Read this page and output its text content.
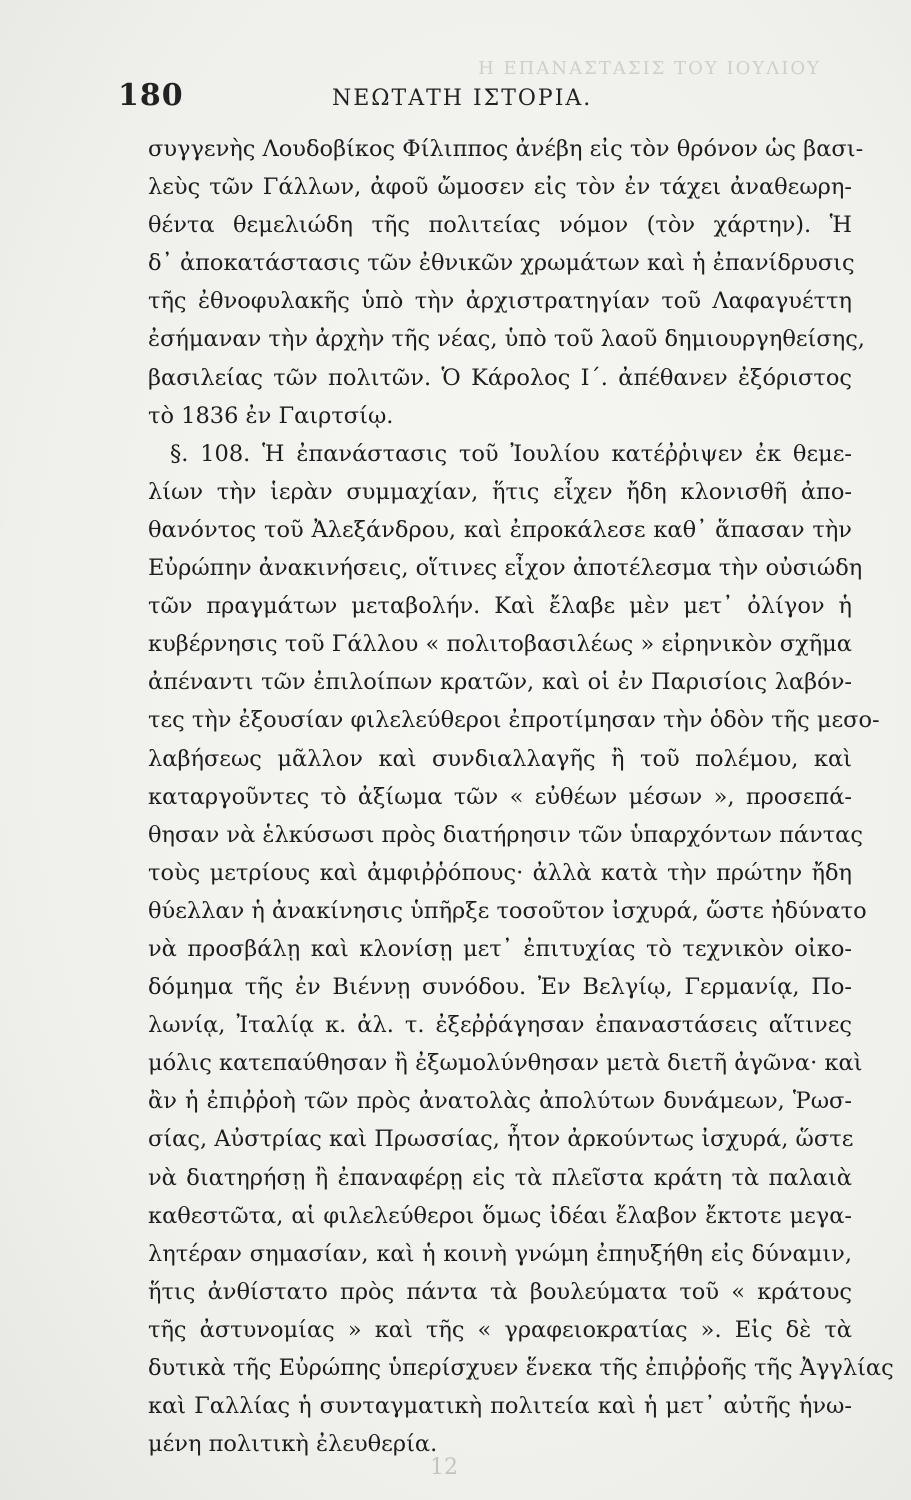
Η ΕΠΑΝΑΣΤΑΣΙΣ ΤΟΥ ΙΟΥΛΙΟΥ
180	ΝΕΩΤΑΤΗ ΙΣΤΟΡΙΑ.
συγγενὴς Λουδοβίκος Φίλιππος ἀνέβη εἰς τὸν θρόνον ὡς βασι-
λεὺς τῶν Γάλλων, ἀφοῦ ὤμοσεν εἰς τὸν ἐν τάχει ἀναθεωρη-
θέντα θεμελιώδη τῆς πολιτείας νόμον (τὸν χάρτην). Ἡ
δ᾽ ἀποκατάστασις τῶν ἐθνικῶν χρωμάτων καὶ ἡ ἐπανίδρυσις
τῆς ἐθνοφυλακῆς ὑπὸ τὴν ἀρχιστρατηγίαν τοῦ Λαφαγυέττη
ἐσήμαναν τὴν ἀρχὴν τῆς νέας, ὑπὸ τοῦ λαοῦ δημιουργηθείσης,
βασιλείας τῶν πολιτῶν. Ὁ Κάρολος Ι΄. ἀπέθανεν ἐξόριστος
τὸ 1836 ἐν Γαιρτσίῳ.
§. 108. Ἡ ἐπανάστασις τοῦ Ἰουλίου κατέῤῥιψεν ἐκ θεμε-
λίων τὴν ἱερὰν συμμαχίαν, ἥτις εἶχεν ἤδη κλονισθῆ ἀπο-
θανόντος τοῦ Ἀλεξάνδρου, καὶ ἐπροκάλεσε καθ᾽ ἅπασαν τὴν
Εὐρώπην ἀνακινήσεις, οἵτινες εἶχον ἀποτέλεσμα τὴν οὐσιώδη
τῶν πραγμάτων μεταβολήν. Καὶ ἔλαβε μὲν μετ᾽ ὀλίγον ἡ
κυβέρνησις τοῦ Γάλλου « πολιτοβασιλέως » εἰρηνικὸν σχῆμα
ἀπέναντι τῶν ἐπιλοίπων κρατῶν, καὶ οἱ ἐν Παρισίοις λαβόν-
τες τὴν ἐξουσίαν φιλελεύθεροι ἐπροτίμησαν τὴν ὁδὸν τῆς μεσο-
λαβήσεως μᾶλλον καὶ συνδιαλλαγῆς ἢ τοῦ πολέμου, καὶ
καταργοῦντες τὸ ἀξίωμα τῶν « εὐθέων μέσων », προσεπά-
θησαν νὰ ἑλκύσωσι πρὸς διατήρησιν τῶν ὑπαρχόντων πάντας
τοὺς μετρίους καὶ ἀμφιῤῥόπους· ἀλλὰ κατὰ τὴν πρώτην ἤδη
θύελλαν ἡ ἀνακίνησις ὑπῆρξε τοσοῦτον ἰσχυρά, ὥστε ἠδύνατο
νὰ προσβάλῃ καὶ κλονίσῃ μετ᾽ ἐπιτυχίας τὸ τεχνικὸν οἰκο-
δόμημα τῆς ἐν Βιέννῃ συνόδου. Ἐν Βελγίῳ, Γερμανίᾳ, Πο-
λωνίᾳ, Ἰταλίᾳ κ. ἀλ. τ. ἐξεῤῥάγησαν ἐπαναστάσεις αἵτινες
μόλις κατεπαύθησαν ἢ ἐξωμολύνθησαν μετὰ διετῆ ἀγῶνα· καὶ
ἂν ἡ ἐπιῤῥοὴ τῶν πρὸς ἀνατολὰς ἀπολύτων δυνάμεων, Ῥωσ-
σίας, Αὐστρίας καὶ Πρωσσίας, ἦτον ἀρκούντως ἰσχυρά, ὥστε
νὰ διατηρήσῃ ἢ ἐπαναφέρῃ εἰς τὰ πλεῖστα κράτη τὰ παλαιὰ
καθεστῶτα, αἱ φιλελεύθεροι ὅμως ἰδέαι ἔλαβον ἔκτοτε μεγα-
λητέραν σημασίαν, καὶ ἡ κοινὴ γνώμη ἐπηυξήθη εἰς δύναμιν,
ἥτις ἀνθίστατο πρὸς πάντα τὰ βουλεύματα τοῦ « κράτους
τῆς ἀστυνομίας » καὶ τῆς « γραφειοκρατίας ». Εἰς δὲ τὰ
δυτικὰ τῆς Εὐρώπης ὑπερίσχυεν ἕνεκα τῆς ἐπιῤῥοῆς τῆς Ἀγγλίας
καὶ Γαλλίας ἡ συνταγματικὴ πολιτεία καὶ ἡ μετ᾽ αὐτῆς ἡνω-
μένη πολιτικὴ ἐλευθερία.
12
